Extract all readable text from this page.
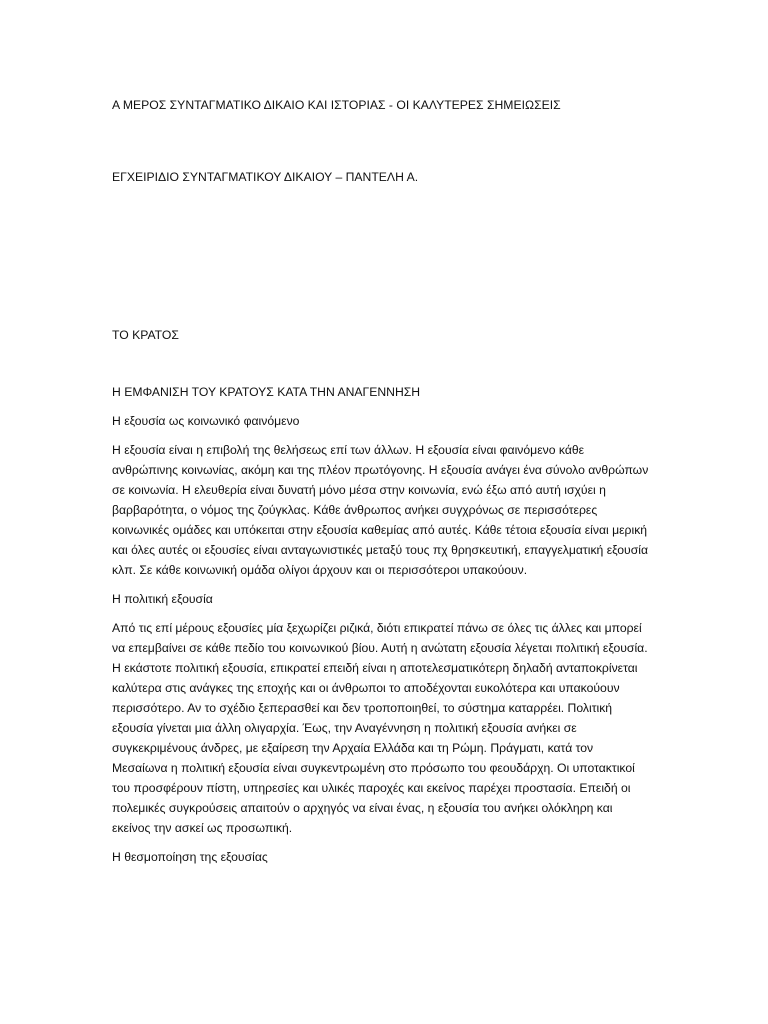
Α ΜΕΡΟΣ ΣΥΝΤΑΓΜΑΤΙΚΟ ΔΙΚΑΙΟ ΚΑΙ ΙΣΤΟΡΙΑΣ - ΟΙ ΚΑΛΥΤΕΡΕΣ ΣΗΜΕΙΩΣΕΙΣ

ΕΓΧΕΙΡΙΔΙΟ ΣΥΝΤΑΓΜΑΤΙΚΟΥ ΔΙΚΑΙΟΥ – ΠΑΝΤΕΛΗ Α.

ΤΟ ΚΡΑΤΟΣ

Η ΕΜΦΑΝΙΣΗ ΤΟΥ ΚΡΑΤΟΥΣ ΚΑΤΑ ΤΗΝ ΑΝΑΓΕΝΝΗΣΗ

Η εξουσία ως κοινωνικό φαινόμενο

Η εξουσία είναι η επιβολή της θελήσεως επί των άλλων. Η εξουσία είναι φαινόμενο κάθε ανθρώπινης κοινωνίας, ακόμη και της πλέον πρωτόγονης. Η εξουσία ανάγει ένα σύνολο ανθρώπων σε κοινωνία. Η ελευθερία είναι δυνατή μόνο μέσα στην κοινωνία, ενώ έξω από αυτή ισχύει η βαρβαρότητα, ο νόμος της ζούγκλας. Κάθε άνθρωπος ανήκει συγχρόνως σε περισσότερες κοινωνικές ομάδες και υπόκειται στην εξουσία καθεμίας από αυτές. Κάθε τέτοια εξουσία είναι μερική και όλες αυτές οι εξουσίες είναι ανταγωνιστικές μεταξύ τους πχ θρησκευτική, επαγγελματική εξουσία κλπ. Σε κάθε κοινωνική ομάδα ολίγοι άρχουν και οι περισσότεροι υπακούουν.

Η πολιτική εξουσία

Από τις επί μέρους εξουσίες μία ξεχωρίζει ριζικά, διότι επικρατεί πάνω σε όλες τις άλλες και μπορεί να επεμβαίνει σε κάθε πεδίο του κοινωνικού βίου. Αυτή η ανώτατη εξουσία λέγεται πολιτική εξουσία. Η εκάστοτε πολιτική εξουσία, επικρατεί επειδή είναι η αποτελεσματικότερη δηλαδή ανταποκρίνεται καλύτερα στις ανάγκες της εποχής και οι άνθρωποι το αποδέχονται ευκολότερα και υπακούουν περισσότερο. Αν το σχέδιο ξεπερασθεί και δεν τροποποιηθεί, το σύστημα καταρρέει. Πολιτική εξουσία γίνεται μια άλλη ολιγαρχία. Έως, την Αναγέννηση η πολιτική εξουσία ανήκει σε συγκεκριμένους άνδρες, με εξαίρεση την Αρχαία Ελλάδα και τη Ρώμη. Πράγματι, κατά τον Μεσαίωνα η πολιτική εξουσία είναι συγκεντρωμένη στο πρόσωπο του φεουδάρχη. Οι υποτακτικοί του προσφέρουν πίστη, υπηρεσίες και υλικές παροχές και εκείνος παρέχει προστασία. Επειδή οι πολεμικές συγκρούσεις απαιτούν ο αρχηγός να είναι ένας, η εξουσία του ανήκει ολόκληρη και εκείνος την ασκεί ως προσωπική.

Η θεσμοποίηση της εξουσίας
